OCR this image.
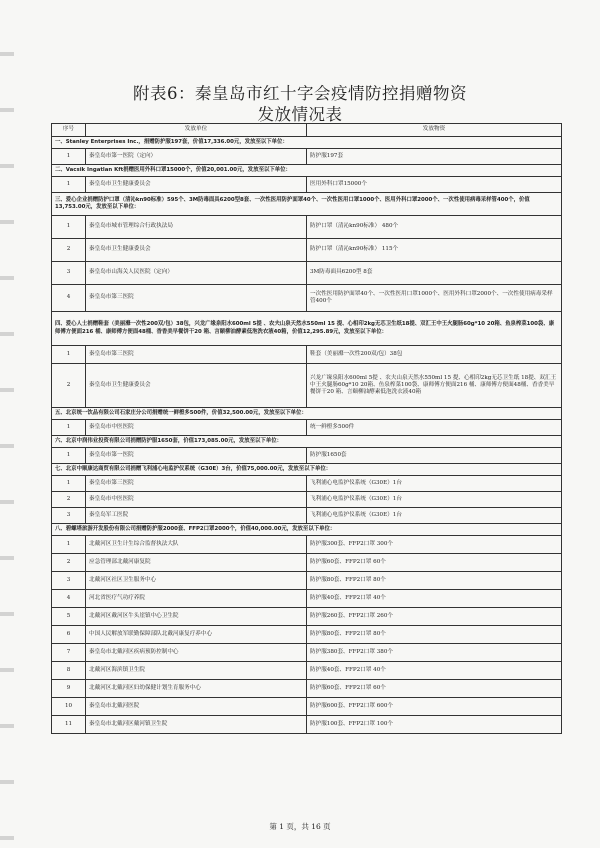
附表6：秦皇岛市红十字会疫情防控捐赠物资
发放情况表
序号	发放单位	发放物资
一、Stanley Enterprises Inc.，捐赠防护服197套，价值17,336.00元，发放至以下单位：		
1	秦皇岛市第一医院（定向）	防护服197套
二、Vacsik Ingatlan Kft捐赠医用外科口罩15000个，价值20,001.00元，发放至以下单位：		
1	秦皇岛市卫生健康委员会	医用外科口罩15000个
三、爱心企业捐赠防护口罩（清沁kn90标准）595个、3M防毒面具6200型8套、一次性医用防护面罩40个、一次性医用口罩1000个、医用外科口罩2000个、一次性使用病毒采样管400个，价值13,753.00元，发放至以下单位：		
1	秦皇岛市城市管理综合行政执法局	防护口罩（清沁kn90标准） 480个
2	秦皇岛市卫生健康委员会	防护口罩（清沁kn90标准） 115个
3	秦皇岛市山海关人民医院（定向）	3M防毒面具6200型 8套
4	秦皇岛市第三医院	一次性医用防护面罩40个、一次性医用口罩1000个、医用外科口罩2000个、一次性使用病毒采样管400个
四、爱心人士捐赠鞋套（美丽滌一次性200双/包）38包，兴龙广缘泉阳水600ml 5提 、农夫山泉天然水550ml 15 提、心相印2kg无芯卫生纸18提、双汇王中王火腿肠60g*10 20箱、鱼泉榨菜100袋、康师傅方便面216 桶、康师傅方便面48桶、香香美早餐饼干20 箱、言颐柳油酵素低泡洗衣液40箱，价值12,295.89元，发放至以下单位：		
1	秦皇岛市第三医院	鞋套（美丽滌一次性200双/包）38包
2	秦皇岛市卫生健康委员会	兴龙广缘泉阳水600ml 5提 、农夫山泉天然水550ml 15 提、心相印2kg无芯卫生纸 18提、双汇王中王火腿肠60g*10 20箱、鱼泉榨菜100袋、康师傅方便面216 桶、康师傅方便面48桶、香香美早餐饼干20 箱、言颐柳油酵素低泡洗衣液40箱
五、北京统一饮品有限公司石家庄分公司捐赠统一鲜橙多500件，价值32,500.00元，发放至以下单位：		
1	秦皇岛市中医医院	统一鲜橙多500件
六、北京中润伟业投资有限公司捐赠防护服1650套，价值173,085.00元，发放至以下单位：		
1	秦皇岛市第一医院	防护服1650套
七、北京中顺康达商贸有限公司捐赠飞利浦心电监护仪系统（G30E）3台，价值75,000.00元，发放至以下单位：		
1	秦皇岛市第三医院	飞利浦心电监护仪系统（G30E）1台
2	秦皇岛市中医医院	飞利浦心电监护仪系统（G30E）1台
3	秦皇岛军工医院	飞利浦心电监护仪系统（G30E）1台
八、碧螺塔旅游开发股份有限公司捐赠防护服2000套、FFP2口罩2000个，价值40,000.00元，发放至以下单位：		
1	北戴河区卫生计生综合监督执法大队	防护服300套、FFP2口罩 300个
2	应急管理部北戴河康复院	防护服60套、FFP2口罩 60个
3	北戴河区社区卫生服务中心	防护服80套、FFP2口罩 80个
4	河北省医疗气功疗养院	防护服40套、FFP2口罩 40个
5	北戴河区戴河区牛头崖镇中心卫生院	防护服260套、FFP2口罩 260个
6	中国人民解放军联勤保障部队北戴河康复疗养中心	防护服80套、FFP2口罩 80个
7	秦皇岛市北戴河区疾病预防控制中心	防护服380套、FFP2口罩 380个
8	北戴河区海滨镇卫生院	防护服40套、FFP2口罩 40个
9	北戴河区北戴河区妇幼保健计划生育服务中心	防护服60套、FFP2口罩 60个
10	秦皇岛市北戴河医院	防护服600套、FFP2口罩 600个
11	秦皇岛市北戴河区戴河镇卫生院	防护服100套、FFP2口罩 100个
第 1 页，共 16 页
